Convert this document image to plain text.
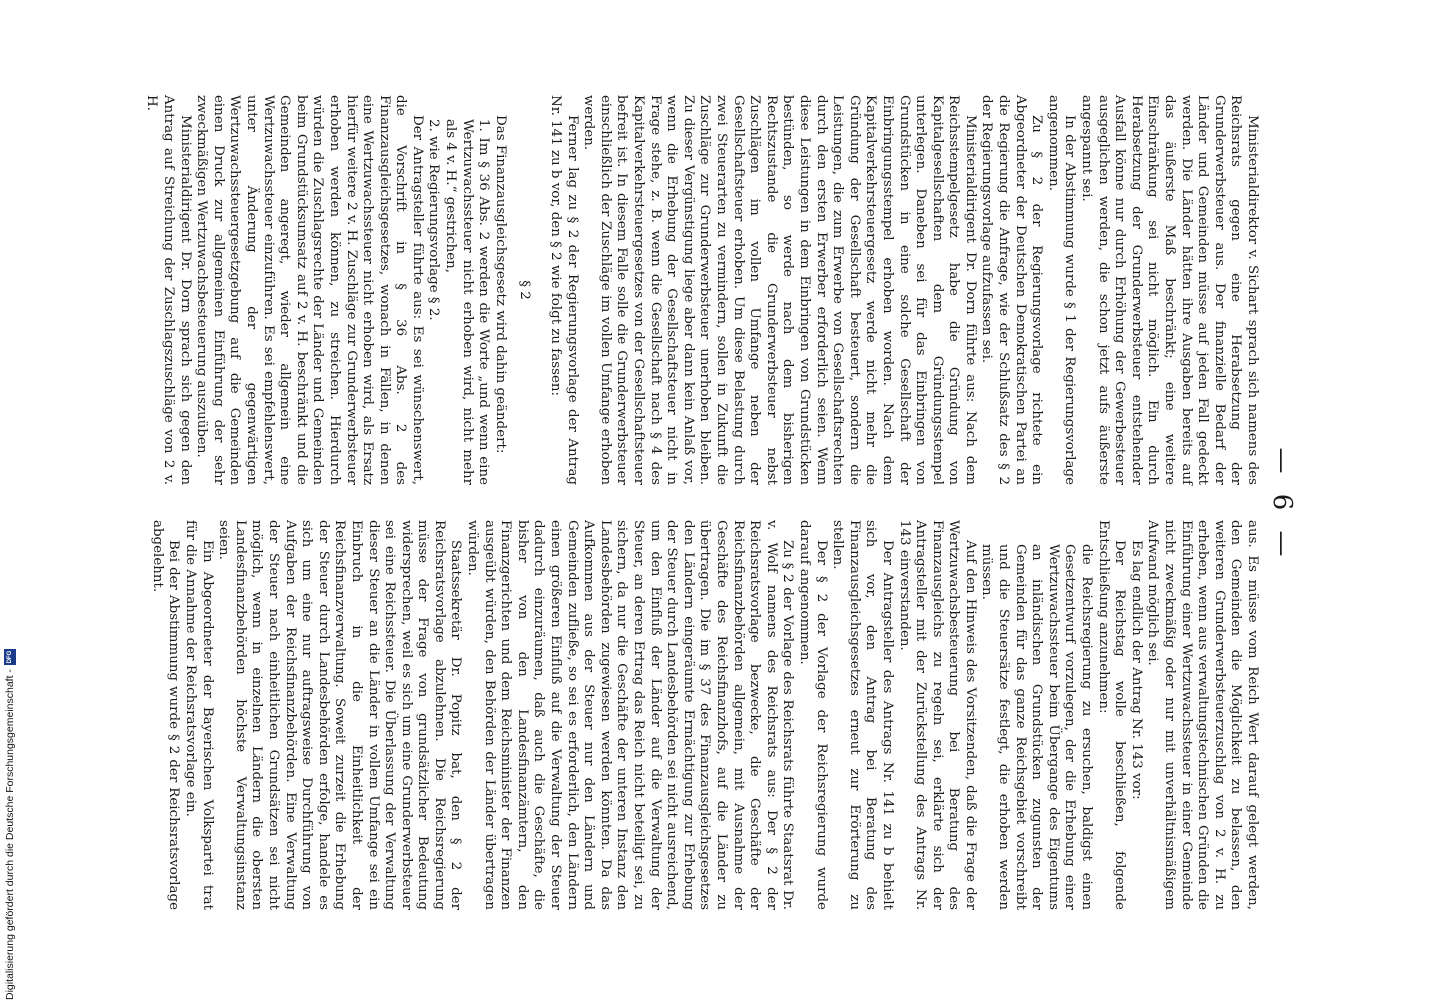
— 6 —

Ministerialdirektor v. Sichart sprach sich namens des Reichsrats gegen eine Herabsetzung der Grunderwerbsteuer aus. Der finanzielle Bedarf der Länder und Gemeinden müsse auf jeden Fall gedeckt werden. Die Länder hätten ihre Ausgaben bereits auf das äußerste Maß beschränkt; eine weitere Einschränkung sei nicht möglich. Ein durch Herabsetzung der Grunderwerbsteuer entstehender Ausfall könne nur durch Erhöhung der Gewerbesteuer ausgeglichen werden, die schon jetzt aufs äußerste angespannt sei.

In der Abstimmung wurde § 1 der Regierungsvorlage angenommen.

Zu § 2 der Regierungsvorlage richtete ein Abgeordneter der Deutschen Demokratischen Partei an die Regierung die Anfrage, wie der Schlußsatz des § 2 der Regierungsvorlage aufzufassen sei.

Ministerialdirigent Dr. Dorn führte aus: Nach dem Reichsstempelgesetz habe die Gründung von Kapitalgesellschaften dem Gründungsstempel unterlegen. Daneben sei für das Einbringen von Grundstücken in eine solche Gesellschaft der Einbringungsstempel erhoben worden. Nach dem Kapitalverkehrsteuergesetz werde nicht mehr die Gründung der Gesellschaft besteuert, sondern die Leistungen, die zum Erwerbe von Gesellschaftsrechten durch den ersten Erwerber erforderlich seien. Wenn diese Leistungen in dem Einbringen von Grundstücken bestünden, so werde nach dem bisherigen Rechtszustande die Grunderwerbsteuer nebst Zuschlägen im vollen Umfange neben der Gesellschaftsteuer erhoben. Um diese Belastung durch zwei Steuerarten zu vermindern, sollen in Zukunft die Zuschläge zur Grunderwerbsteuer unerhoben bleiben. Zu dieser Vergünstigung liege aber dann kein Anlaß vor, wenn die Erhebung der Gesellschaftsteuer nicht in Frage stehe, z. B. wenn die Gesellschaft nach § 4 des Kapitalverkehrsteuergesetzes von der Gesellschaftsteuer befreit ist. In diesem Falle solle die Grunderwerbsteuer einschließlich der Zuschläge im vollen Umfange erhoben werden.

Ferner lag zu § 2 der Regierungsvorlage der Antrag Nr. 141 zu b vor, den § 2 wie folgt zu fassen:

§ 2

Das Finanzausgleichsgesetz wird dahin geändert:

1. Im § 36 Abs. 2 werden die Worte „und wenn eine Wertzuwachssteuer nicht erhoben wird, nicht mehr als 4 v. H.“ gestrichen,

2. wie Regierungsvorlage § 2.

Der Antragsteller führte aus: Es sei wünschenswert, die Vorschrift in § 36 Abs. 2 des Finanzausgleichsgesetzes, wonach in Fällen, in denen eine Wertzuwachssteuer nicht erhoben wird, als Ersatz hierfür weitere 2 v. H. Zuschläge zur Grunderwerbsteuer erhoben werden können, zu streichen. Hierdurch würden die Zuschlagsrechte der Länder und Gemeinden beim Grundstücksumsatz auf 2 v. H. beschränkt und die Gemeinden angeregt, wieder allgemein eine Wertzuwachssteuer einzuführen. Es sei empfehlenswert, unter Änderung der gegenwärtigen Wertzuwachssteuergesetzgebung auf die Gemeinden einen Druck zur allgemeinen Einführung der sehr zweckmäßigen Wertzuwachsbesteuerung auszuüben.

Ministerialdirigent Dr. Dorn sprach sich gegen den Antrag auf Streichung der Zuschlagszuschläge von 2 v. H.

aus. Es müsse vom Reich Wert darauf gelegt werden, den Gemeinden die Möglichkeit zu belassen, den weiteren Grunderwerbsteuerzuschlag von 2 v. H. zu erheben, wenn aus verwaltungstechnischen Gründen die Einführung einer Wertzuwachssteuer in einer Gemeinde nicht zweckmäßig oder nur mit unverhältnismäßigem Aufwand möglich sei.

Es lag endlich der Antrag Nr. 143 vor:

Der Reichstag wolle beschließen, folgende Entschließung anzunehmen:

die Reichsregierung zu ersuchen, baldigst einen Gesetzentwurf vorzulegen, der die Erhebung einer Wertzuwachssteuer beim Übergange des Eigentums an inländischen Grundstücken zugunsten der Gemeinden für das ganze Reichsgebiet vorschreibt und die Steuersätze festlegt, die erhoben werden müssen.

Auf den Hinweis des Vorsitzenden, daß die Frage der Wertzuwachsbesteuerung bei Beratung des Finanzausgleichs zu regeln sei, erklärte sich der Antragsteller mit der Zurückstellung des Antrags Nr. 143 einverstanden.

Der Antragsteller des Antrags Nr. 141 zu b behielt sich vor, den Antrag bei Beratung des Finanzausgleichsgesetzes erneut zur Erörterung zu stellen.

Der § 2 der Vorlage der Reichsregierung wurde darauf angenommen.

Zu § 2 der Vorlage des Reichsrats führte Staatsrat Dr. v. Wolf namens des Reichsrats aus: Der § 2 der Reichsratsvorlage bezwecke, die Geschäfte der Reichsfinanzbehörden allgemein, mit Ausnahme der Geschäfte des Reichsfinanzhofs, auf die Länder zu übertragen. Die im § 37 des Finanzausgleichsgesetzes den Ländern eingeräumte Ermächtigung zur Erhebung der Steuer durch Landesbehörden sei nicht ausreichend, um den Einfluß der Länder auf die Verwaltung der Steuer, an deren Ertrag das Reich nicht beteiligt sei, zu sichern, da nur die Geschäfte der unteren Instanz den Landesbehörden zugewiesen werden könnten. Da das Aufkommen aus der Steuer nur den Ländern und Gemeinden zufließe, so sei es erforderlich, den Ländern einen größeren Einfluß auf die Verwaltung der Steuer dadurch einzuräumen, daß auch die Geschäfte, die bisher von den Landesfinanzämtern, den Finanzgerichten und dem Reichsminister der Finanzen ausgeübt würden, den Behörden der Länder übertragen würden.

Staatssekretär Dr. Popitz bat, den § 2 der Reichsratsvorlage abzulehnen. Die Reichsregierung müsse der Frage von grundsätzlicher Bedeutung widersprechen, weil es sich um eine Grunderwerbsteuer sei eine Reichssteuer. Die Überlassung der Verwaltung dieser Steuer an die Länder in vollem Umfange sei ein Einbruch in die Einheitlichkeit der Reichsfinanzverwaltung. Soweit zurzeit die Erhebung der Steuer durch Landesbehörden erfolge, handele es sich um eine nur auftragsweise Durchführung von Aufgaben der Reichsfinanzbehörden. Eine Verwaltung der Steuer nach einheitlichen Grundsätzen sei nicht möglich, wenn in einzelnen Ländern die obersten Landesfinanzbehörden höchste Verwaltungsinstanz seien.

Ein Abgeordneter der Bayerischen Volkspartei trat für die Annahme der Reichsratsvorlage ein.

Bei der Abstimmung wurde § 2 der Reichsratsvorlage abgelehnt.

Digitalisierung gefördert durch die Deutsche Forschungsgemeinschaft -
DFG
